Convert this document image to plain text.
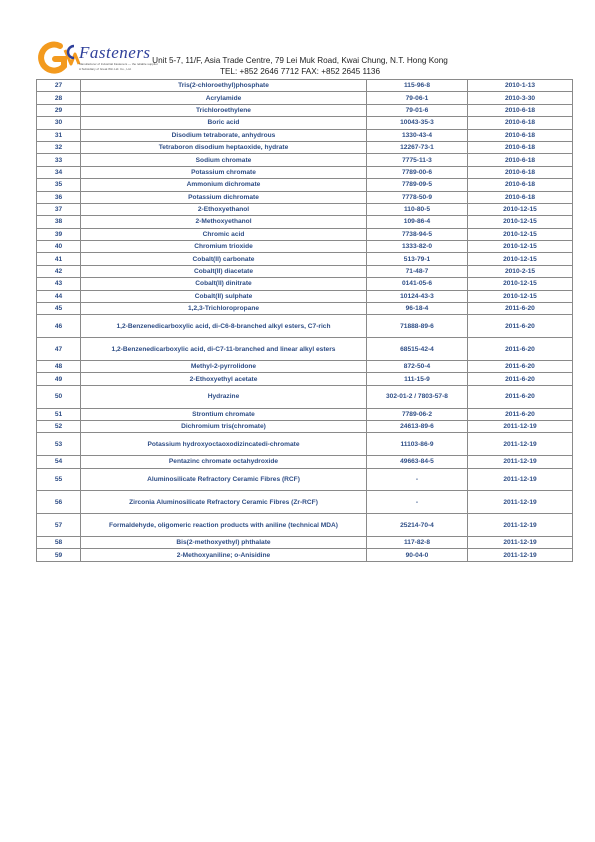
Fasteners
Manufacturer of Industrial Fasteners — the reliable supplier
A Subsidiary of Great Win Ltd. Co., Ltd.
Unit 5-7, 11/F, Asia Trade Centre, 79 Lei Muk Road, Kwai Chung, N.T. Hong Kong
TEL: +852 2646 7712 FAX: +852 2645 1136
27	Tris(2-chloroethyl)phosphate	115-96-8	2010-1-13
28	Acrylamide	79-06-1	2010-3-30
29	Trichloroethylene	79-01-6	2010-6-18
30	Boric acid	10043-35-3	2010-6-18
31	Disodium tetraborate, anhydrous	1330-43-4	2010-6-18
32	Tetraboron disodium heptaoxide, hydrate	12267-73-1	2010-6-18
33	Sodium chromate	7775-11-3	2010-6-18
34	Potassium chromate	7789-00-6	2010-6-18
35	Ammonium dichromate	7789-09-5	2010-6-18
36	Potassium dichromate	7778-50-9	2010-6-18
37	2-Ethoxyethanol	110-80-5	2010-12-15
38	2-Methoxyethanol	109-86-4	2010-12-15
39	Chromic acid	7738-94-5	2010-12-15
40	Chromium trioxide	1333-82-0	2010-12-15
41	Cobalt(II) carbonate	513-79-1	2010-12-15
42	Cobalt(II) diacetate	71-48-7	2010-2-15
43	Cobalt(II) dinitrate	0141-05-6	2010-12-15
44	Cobalt(II) sulphate	10124-43-3	2010-12-15
45	1,2,3-Trichloropropane	96-18-4	2011-6-20
46	1,2-Benzenedicarboxylic acid, di-C6-8-branched alkyl esters, C7-rich	71888-89-6	2011-6-20
47	1,2-Benzenedicarboxylic acid, di-C7-11-branched and linear alkyl esters	68515-42-4	2011-6-20
48	Methyl-2-pyrrolidone	872-50-4	2011-6-20
49	2-Ethoxyethyl acetate	111-15-9	2011-6-20
50	Hydrazine	302-01-2 / 7803-57-8	2011-6-20
51	Strontium chromate	7789-06-2	2011-6-20
52	Dichromium tris(chromate)	24613-89-6	2011-12-19
53	Potassium hydroxyoctaoxodizincatedi-chromate	11103-86-9	2011-12-19
54	Pentazinc chromate octahydroxide	49663-84-5	2011-12-19
55	Aluminosilicate Refractory Ceramic Fibres (RCF)	-	2011-12-19
56	Zirconia Aluminosilicate Refractory Ceramic Fibres (Zr-RCF)	-	2011-12-19
57	Formaldehyde, oligomeric reaction products with aniline (technical MDA)	25214-70-4	2011-12-19
58	Bis(2-methoxyethyl) phthalate	117-82-8	2011-12-19
59	2-Methoxyaniline; o-Anisidine	90-04-0	2011-12-19
